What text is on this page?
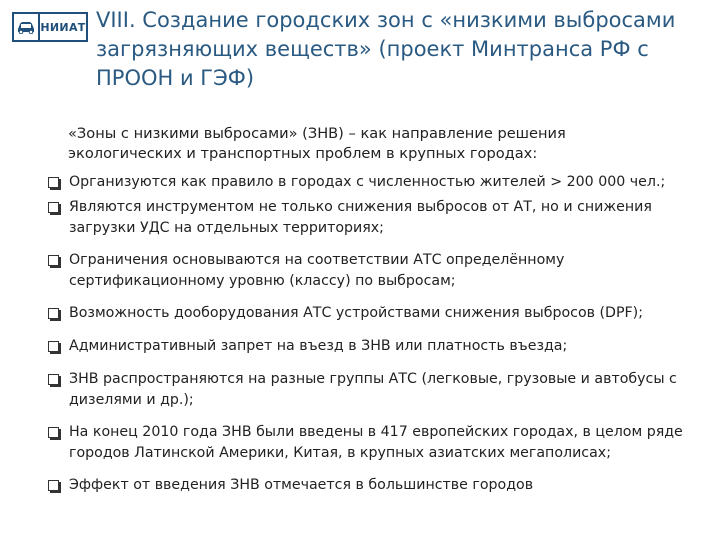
НИИАТ VIII. Создание городских зон с «низкими выбросами загрязняющих веществ» (проект Минтранса РФ с ПРООН и ГЭФ)
«Зоны с низкими выбросами» (ЗНВ) – как направление решения экологических и транспортных проблем в крупных городах:
Организуются как правило в городах с численностью жителей > 200 000 чел.;
Являются инструментом не только снижения выбросов от АТ, но и снижения загрузки УДС на отдельных территориях;
Ограничения основываются на соответствии АТС определённому сертификационному уровню (классу) по выбросам;
Возможность дооборудования АТС устройствами снижения выбросов (DPF);
Административный запрет на въезд в ЗНВ или платность въезда;
ЗНВ распространяются на разные группы АТС (легковые, грузовые и автобусы с дизелями и др.);
На конец 2010 года ЗНВ были введены в 417 европейских городах, в целом ряде городов Латинской Америки, Китая, в крупных азиатских мегаполисах;
Эффект от введения ЗНВ отмечается в большинстве городов
